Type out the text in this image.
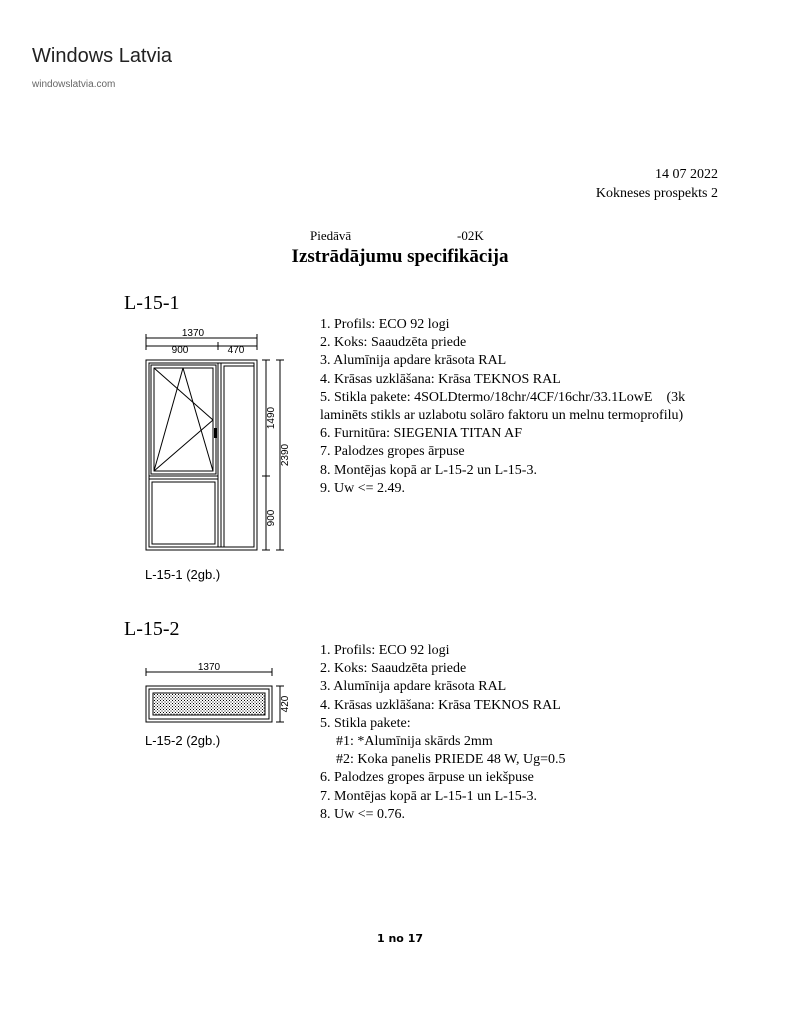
Windows Latvia
windowslatvia.com
14 07 2022
Kokneses prospekts 2
Piedāvā	-02K
Izstrādājumu specifikācija
L-15-1
1370
900	470
1490
2390
900
L-15-1 (2gb.)
1. Profils: ECO 92 logi
2. Koks: Saaudzēta priede
3. Alumīnija apdare krāsota RAL
4. Krāsas uzklāšana: Krāsa TEKNOS RAL
5. Stikla pakete: 4SOLDtermo/18chr/4CF/16chr/33.1LowE    (3k
laminēts stikls ar uzlabotu solāro faktoru un melnu termoprofilu)
6. Furnitūra: SIEGENIA TITAN AF
7. Palodzes gropes ārpuse
8. Montējas kopā ar L-15-2 un L-15-3.
9. Uw <= 2.49.
L-15-2
1370
420
L-15-2 (2gb.)
1. Profils: ECO 92 logi
2. Koks: Saaudzēta priede
3. Alumīnija apdare krāsota RAL
4. Krāsas uzklāšana: Krāsa TEKNOS RAL
5. Stikla pakete:
#1: *Alumīnija skārds 2mm
#2: Koka panelis PRIEDE 48 W, Ug=0.5
6. Palodzes gropes ārpuse un iekšpuse
7. Montējas kopā ar L-15-1 un L-15-3.
8. Uw <= 0.76.
1 no 17
